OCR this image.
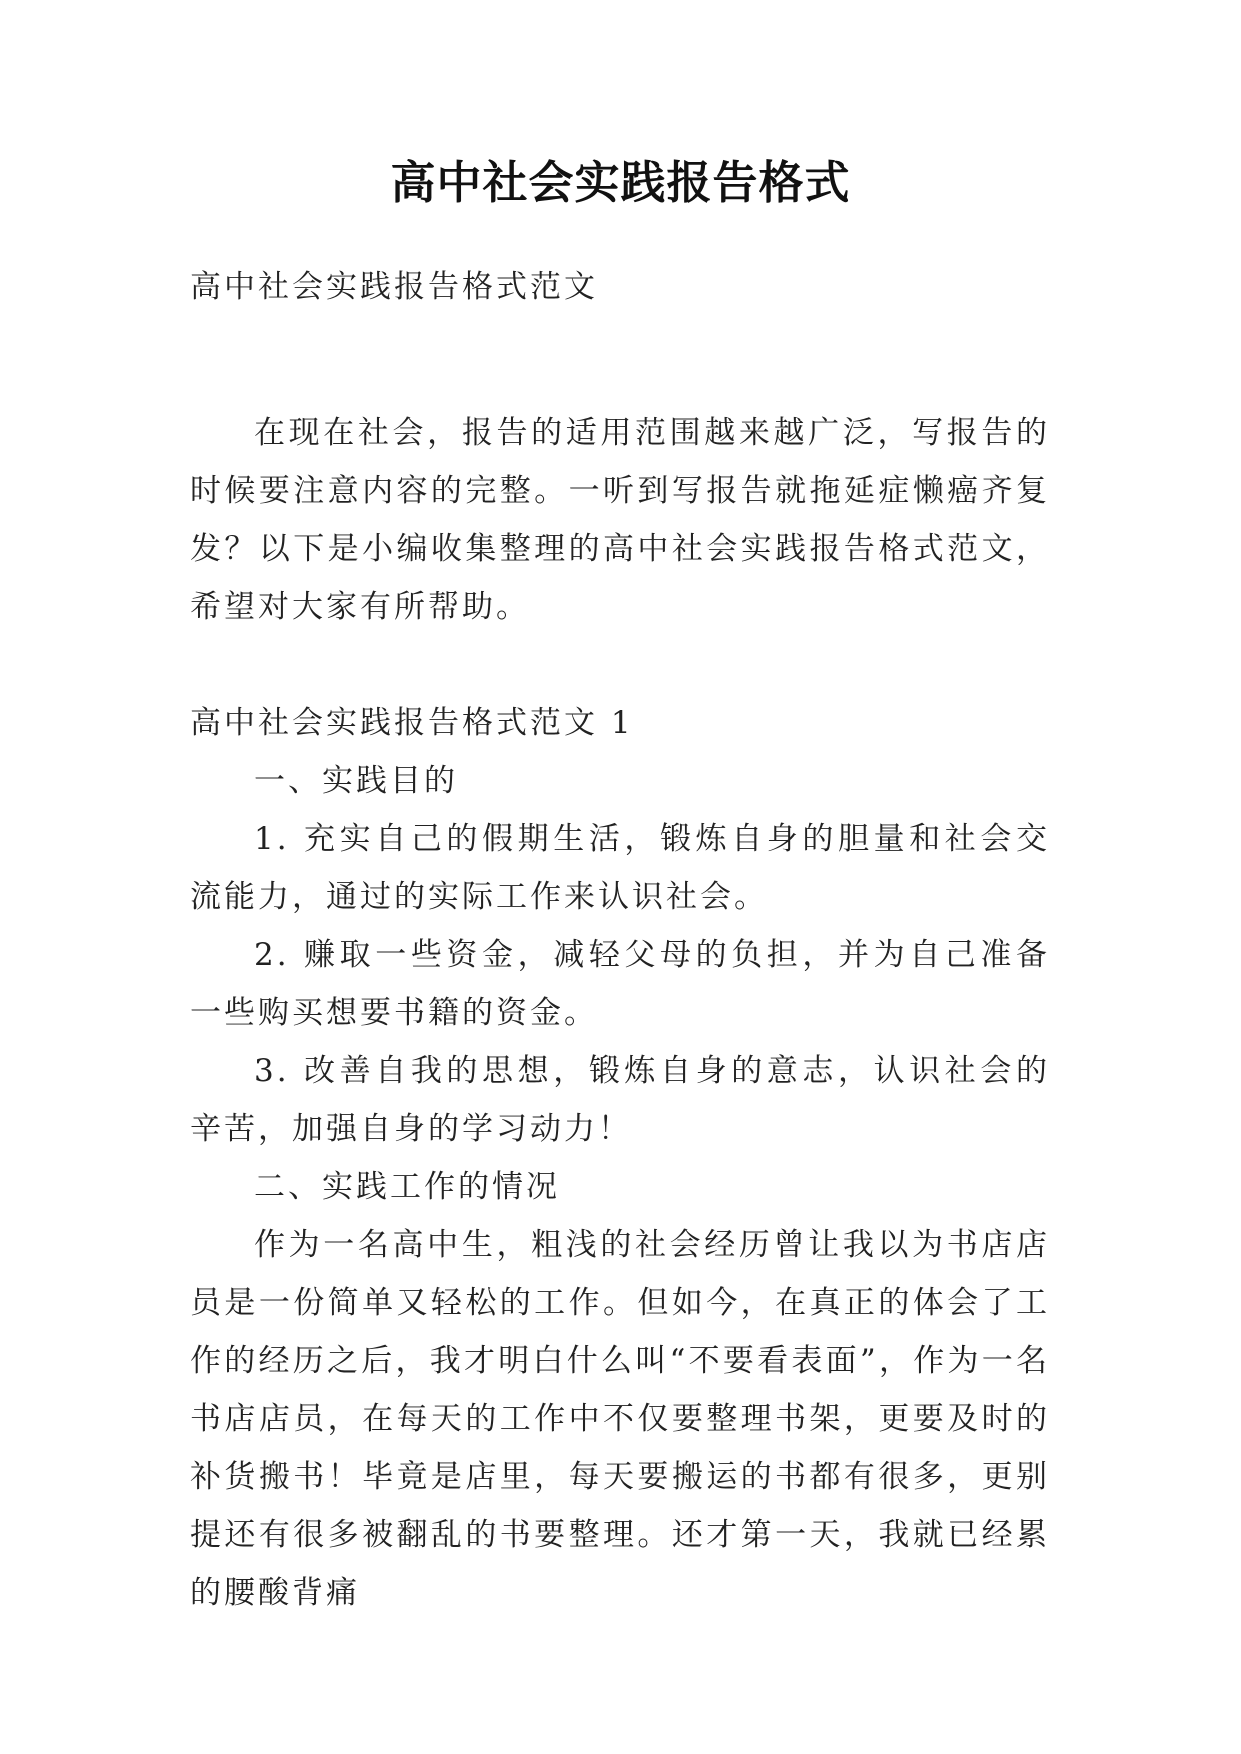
高中社会实践报告格式

高中社会实践报告格式范文

在现在社会，报告的适用范围越来越广泛，写报告的时候要注意内容的完整。一听到写报告就拖延症懒癌齐复发？以下是小编收集整理的高中社会实践报告格式范文，希望对大家有所帮助。

高中社会实践报告格式范文 1

一、实践目的

1. 充实自己的假期生活，锻炼自身的胆量和社会交流能力，通过的实际工作来认识社会。

2. 赚取一些资金，减轻父母的负担，并为自己准备一些购买想要书籍的资金。

3. 改善自我的思想，锻炼自身的意志，认识社会的辛苦，加强自身的学习动力！

二、实践工作的情况

作为一名高中生，粗浅的社会经历曾让我以为书店店员是一份简单又轻松的工作。但如今，在真正的体会了工作的经历之后，我才明白什么叫“不要看表面”，作为一名书店店员，在每天的工作中不仅要整理书架，更要及时的补货搬书！毕竟是店里，每天要搬运的书都有很多，更别提还有很多被翻乱的书要整理。还才第一天，我就已经累的腰酸背痛
